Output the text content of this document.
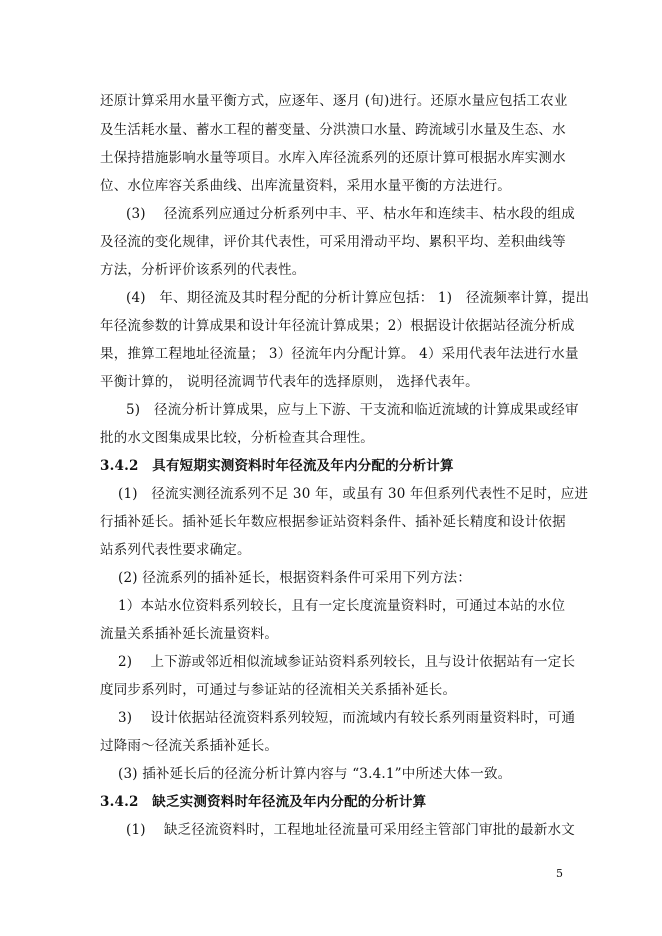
还原计算采用水量平衡方式，应逐年、逐月 (旬)进行。还原水量应包括工农业
及生活耗水量、蓄水工程的蓄变量、分洪溃口水量、跨流域引水量及生态、水
土保持措施影响水量等项目。水库入库径流系列的还原计算可根据水库实测水
位、水位库容关系曲线、出库流量资料，采用水量平衡的方法进行。
(3)　 径流系列应通过分析系列中丰、平、枯水年和连续丰、枯水段的组成
及径流的变化规律，评价其代表性，可采用滑动平均、累积平均、差积曲线等
方法，分析评价该系列的代表性。
(4)　年、期径流及其时程分配的分析计算应包括： 1)　径流频率计算，提出
年径流参数的计算成果和设计年径流计算成果；2）根据设计依据站径流分析成
果，推算工程地址径流量； 3）径流年内分配计算。 4）采用代表年法进行水量
平衡计算的， 说明径流调节代表年的选择原则， 选择代表年。
5)　径流分析计算成果，应与上下游、干支流和临近流域的计算成果或经审
批的水文图集成果比较，分析检查其合理性。
3.4.2　具有短期实测资料时年径流及年内分配的分析计算
(1)　径流实测径流系列不足 30 年，或虽有 30 年但系列代表性不足时，应进
行插补延长。插补延长年数应根据参证站资料条件、插补延长精度和设计依据
站系列代表性要求确定。
(2) 径流系列的插补延长，根据资料条件可采用下列方法：
1）本站水位资料系列较长，且有一定长度流量资料时，可通过本站的水位
流量关系插补延长流量资料。
2)　 上下游或邻近相似流域参证站资料系列较长，且与设计依据站有一定长
度同步系列时，可通过与参证站的径流相关关系插补延长。
3)　 设计依据站径流资料系列较短，而流域内有较长系列雨量资料时，可通
过降雨～径流关系插补延长。
(3) 插补延长后的径流分析计算内容与 “3.4.1”中所述大体一致。
3.4.2　缺乏实测资料时年径流及年内分配的分析计算
(1)　 缺乏径流资料时，工程地址径流量可采用经主管部门审批的最新水文
5
